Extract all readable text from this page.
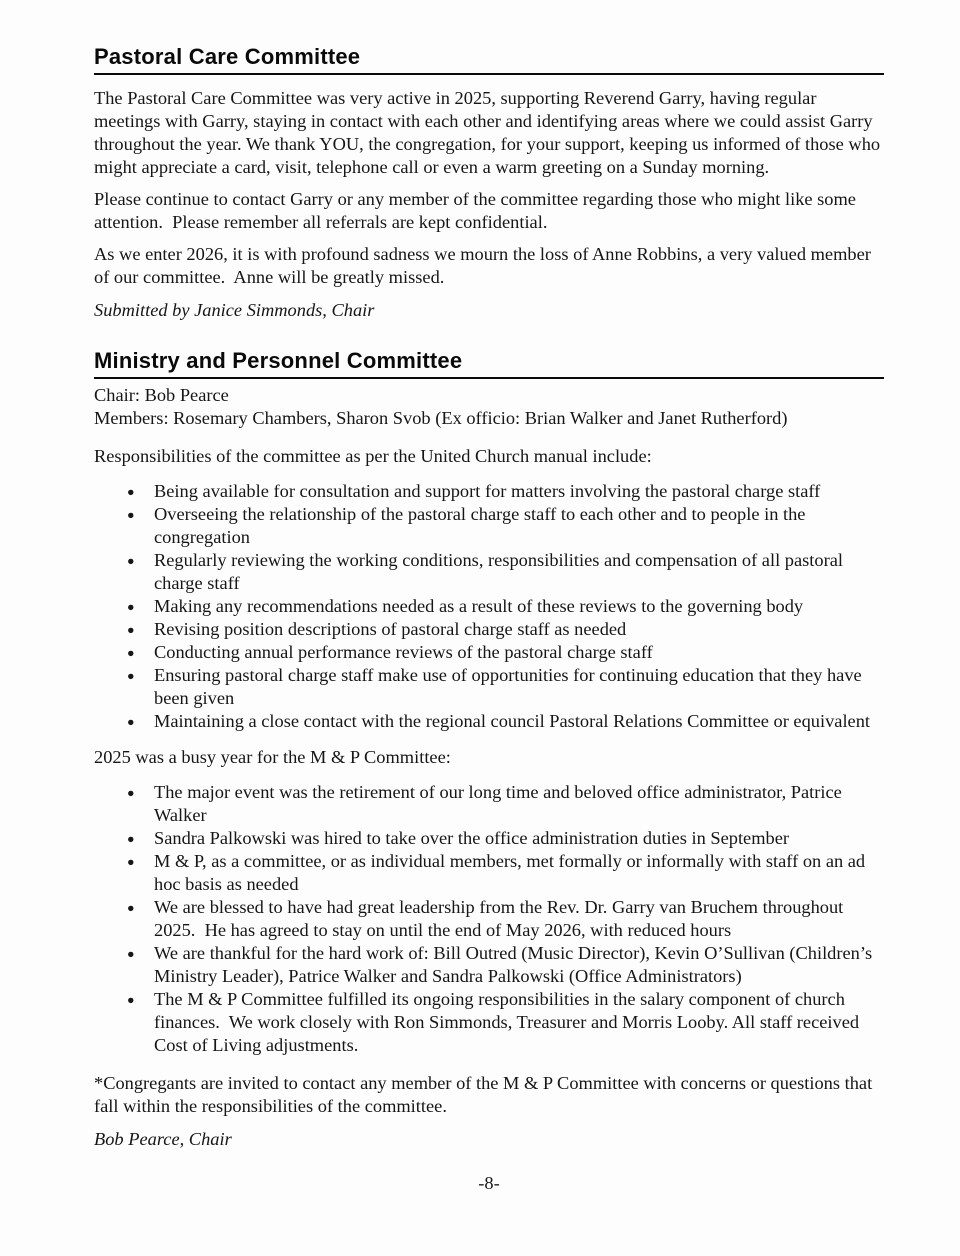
Pastoral Care Committee

The Pastoral Care Committee was very active in 2025, supporting Reverend Garry, having regular meetings with Garry, staying in contact with each other and identifying areas where we could assist Garry throughout the year. We thank YOU, the congregation, for your support, keeping us informed of those who might appreciate a card, visit, telephone call or even a warm greeting on a Sunday morning.

Please continue to contact Garry or any member of the committee regarding those who might like some attention.  Please remember all referrals are kept confidential.

As we enter 2026, it is with profound sadness we mourn the loss of Anne Robbins, a very valued member of our committee.  Anne will be greatly missed.

Submitted by Janice Simmonds, Chair

Ministry and Personnel Committee

Chair: Bob Pearce

Members: Rosemary Chambers, Sharon Svob (Ex officio: Brian Walker and Janet Rutherford)

Responsibilities of the committee as per the United Church manual include:

● Being available for consultation and support for matters involving the pastoral charge staff
● Overseeing the relationship of the pastoral charge staff to each other and to people in the congregation
● Regularly reviewing the working conditions, responsibilities and compensation of all pastoral charge staff
● Making any recommendations needed as a result of these reviews to the governing body
● Revising position descriptions of pastoral charge staff as needed
● Conducting annual performance reviews of the pastoral charge staff
● Ensuring pastoral charge staff make use of opportunities for continuing education that they have been given
● Maintaining a close contact with the regional council Pastoral Relations Committee or equivalent

2025 was a busy year for the M & P Committee:

● The major event was the retirement of our long time and beloved office administrator, Patrice Walker
● Sandra Palkowski was hired to take over the office administration duties in September
● M & P, as a committee, or as individual members, met formally or informally with staff on an ad hoc basis as needed
● We are blessed to have had great leadership from the Rev. Dr. Garry van Bruchem throughout 2025.  He has agreed to stay on until the end of May 2026, with reduced hours
● We are thankful for the hard work of: Bill Outred (Music Director), Kevin O’Sullivan (Children’s Ministry Leader), Patrice Walker and Sandra Palkowski (Office Administrators)
● The M & P Committee fulfilled its ongoing responsibilities in the salary component of church finances.  We work closely with Ron Simmonds, Treasurer and Morris Looby. All staff received Cost of Living adjustments.

*Congregants are invited to contact any member of the M & P Committee with concerns or questions that fall within the responsibilities of the committee.

Bob Pearce, Chair

-8-
